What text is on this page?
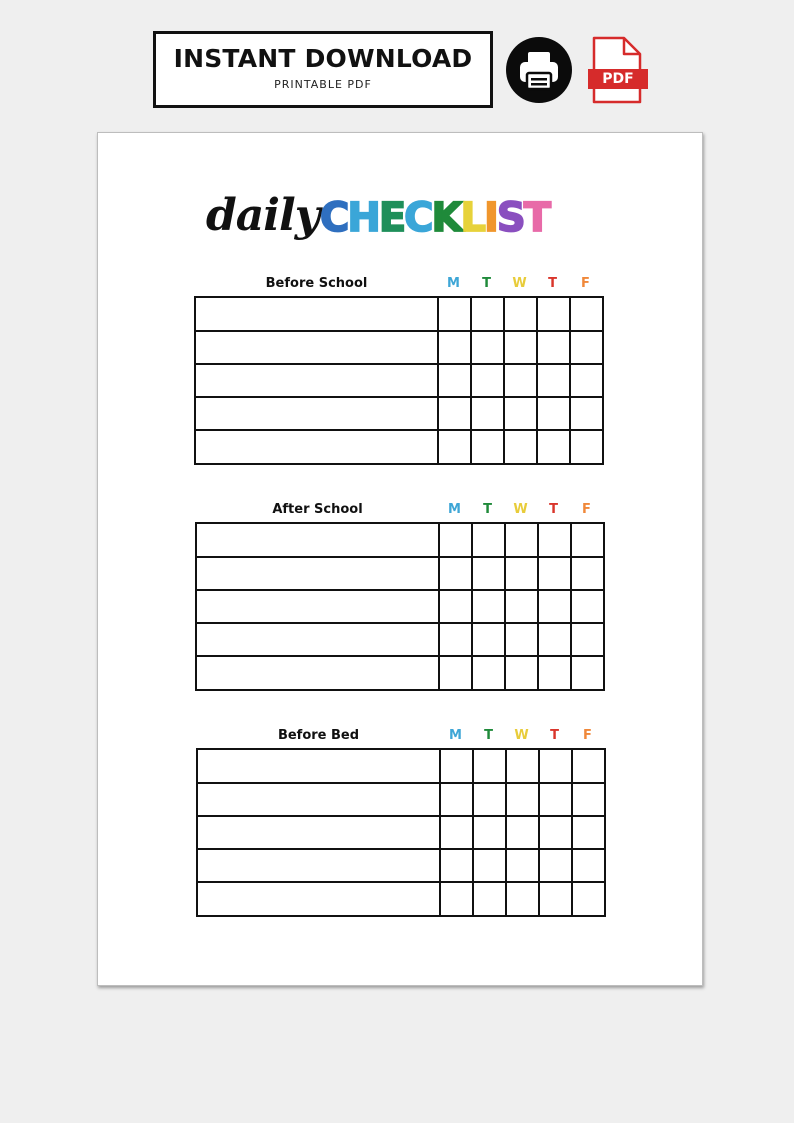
INSTANT DOWNLOAD
PRINTABLE PDF	PDF
daily CHECKLIST
Before School	M	T	W	T	F
After School	M	T	W	T	F
Before Bed	M	T	W	T	F
